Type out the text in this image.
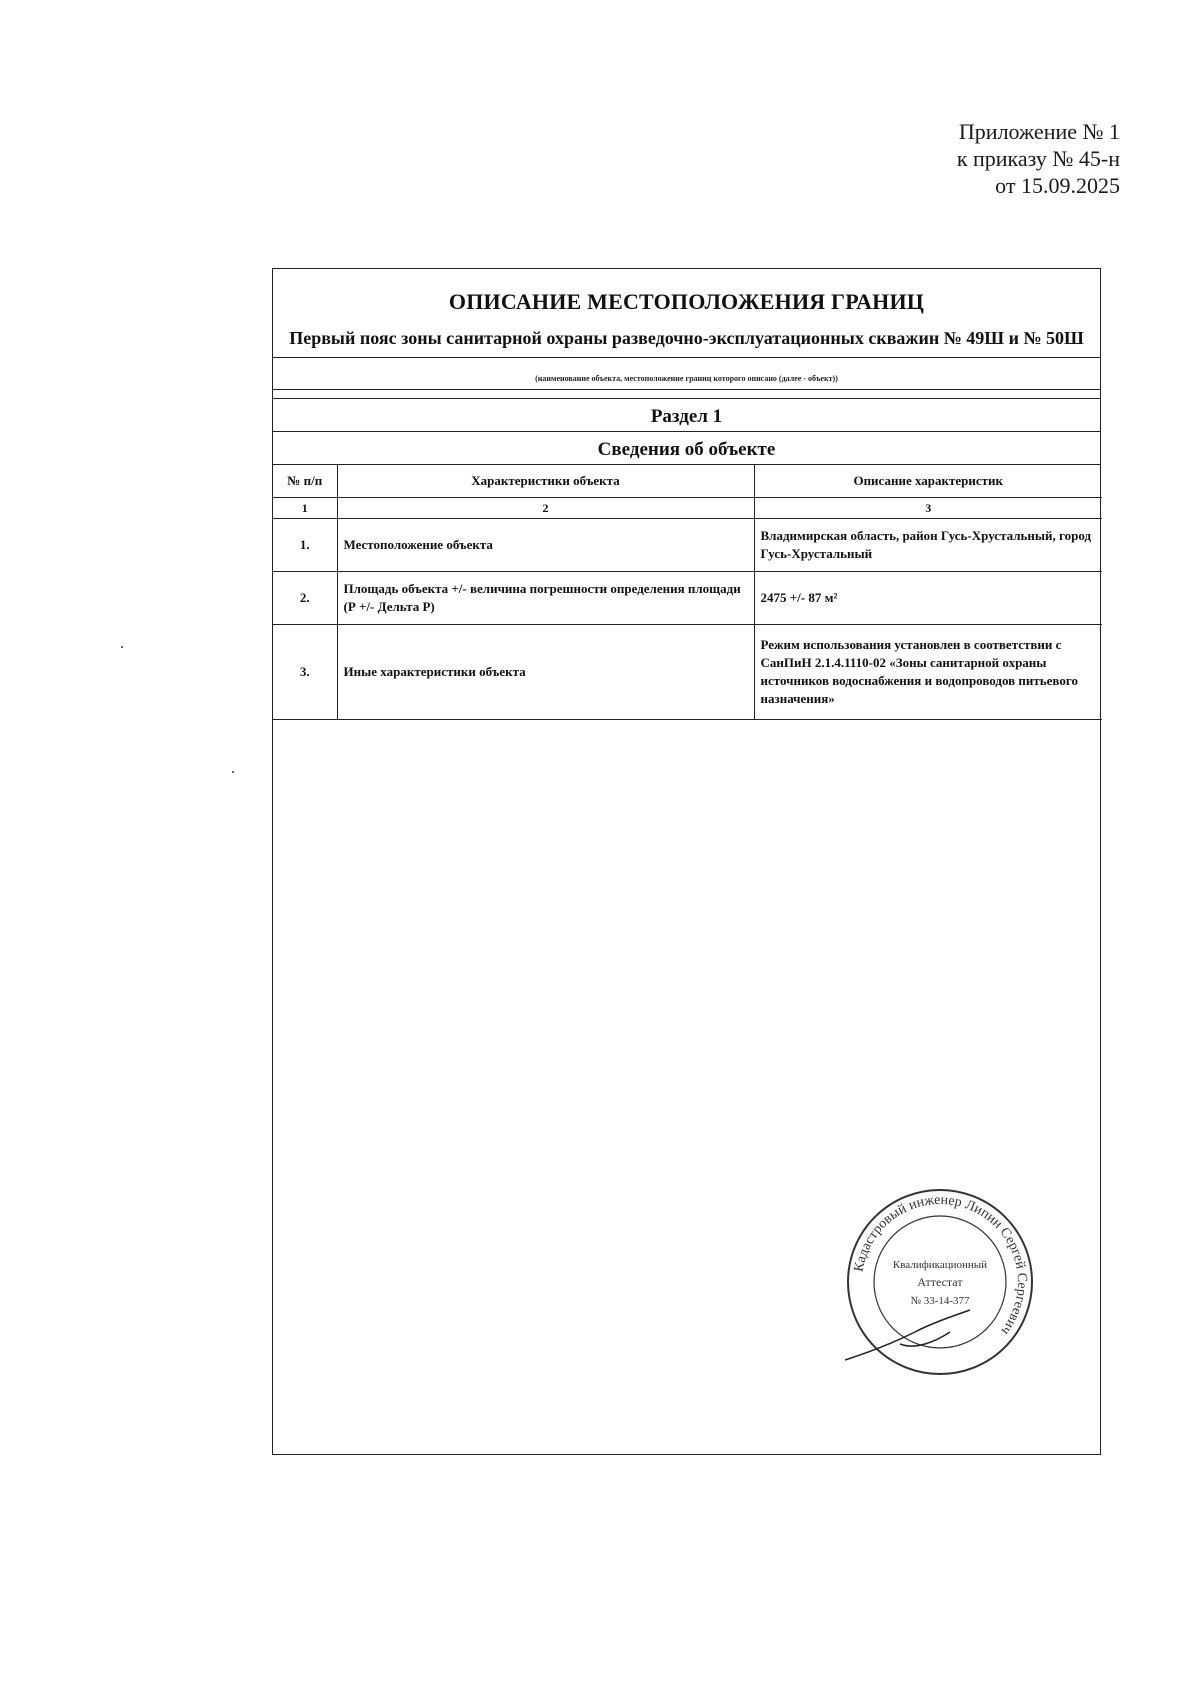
Приложение № 1
к приказу № 45-н
от 15.09.2025
ОПИСАНИЕ МЕСТОПОЛОЖЕНИЯ ГРАНИЦ
Первый пояс зоны санитарной охраны разведочно-эксплуатационных скважин № 49Ш и № 50Ш
(наименование объекта, местоположение границ которого описано (далее - объект))
Раздел 1
Сведения об объекте
№ п/п	Характеристики объекта	Описание характеристик
1	2	3
1.	Местоположение объекта	Владимирская область, район Гусь-Хрустальный, город Гусь-Хрустальный
2.	Площадь объекта +/- величина погрешности определения площади (Р +/- Дельта Р)	2475 +/- 87 м²
3.	Иные характеристики объекта	Режим использования установлен в соответствии с СанПиН 2.1.4.1110-02 «Зоны санитарной охраны источников водоснабжения и водопроводов питьевого назначения»
Кадастровый инженер Липин Сергей Сергеевич
Квалификационный
Аттестат
№ 33-14-377
